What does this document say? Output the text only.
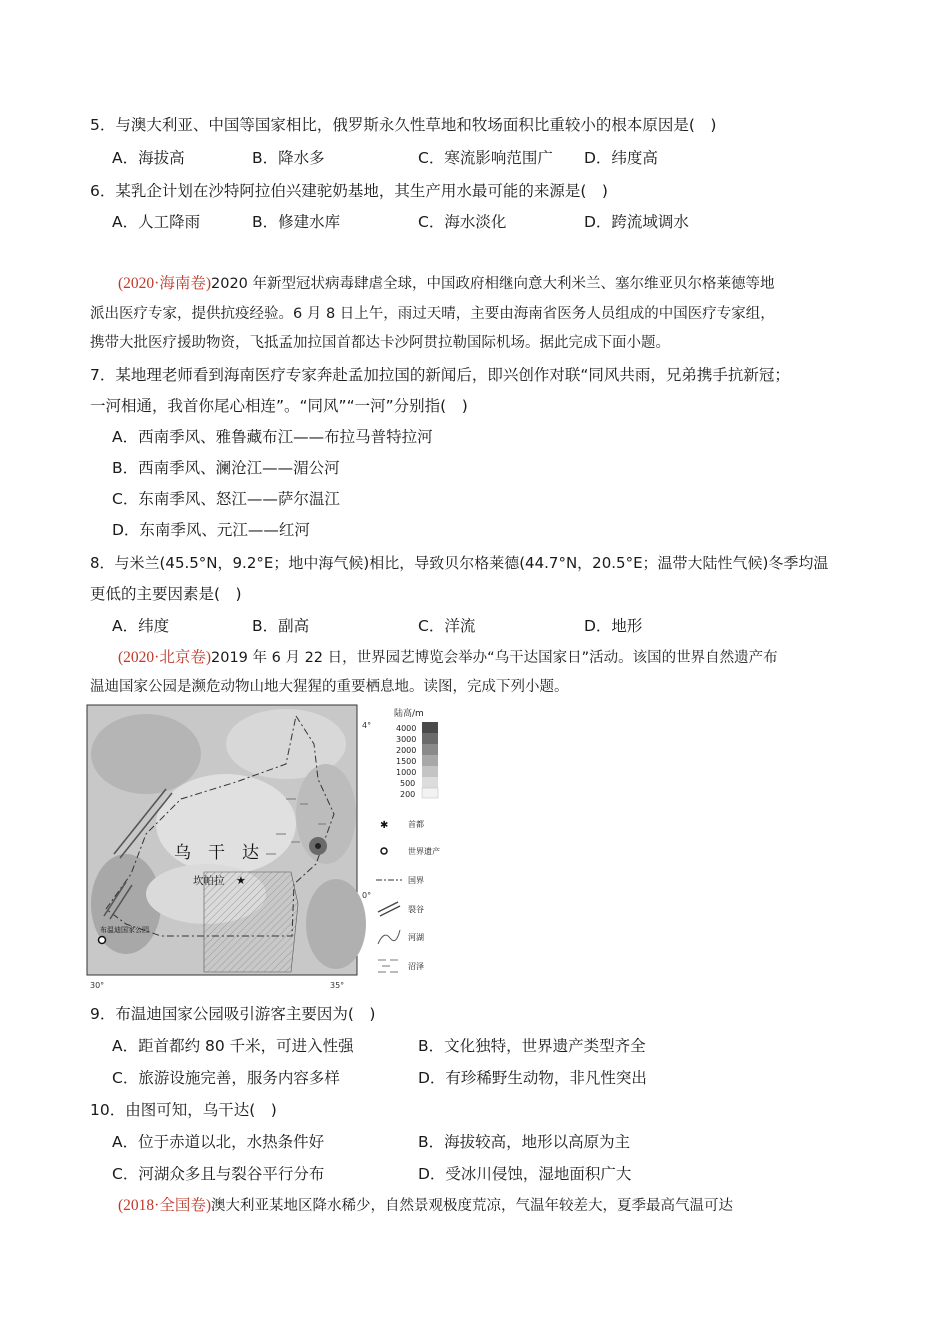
5．与澳大利亚、中国等国家相比，俄罗斯永久性草地和牧场面积比重较小的根本原因是(　)
A．海拔高	B．降水多	C．寒流影响范围广 D．纬度高
6．某乳企计划在沙特阿拉伯兴建驼奶基地，其生产用水最可能的来源是(　)
A．人工降雨	B．修建水库	C．海水淡化	D．跨流域调水
(2020·海南卷)2020 年新型冠状病毒肆虐全球，中国政府相继向意大利米兰、塞尔维亚贝尔格莱德等地
派出医疗专家，提供抗疫经验。6 月 8 日上午，雨过天晴，主要由海南省医务人员组成的中国医疗专家组，
携带大批医疗援助物资，飞抵孟加拉国首都达卡沙阿贯拉勒国际机场。据此完成下面小题。
7．某地理老师看到海南医疗专家奔赴孟加拉国的新闻后，即兴创作对联“同风共雨，兄弟携手抗新冠；
一河相通，我首你尾心相连”。“同风”“一河”分别指(　)
A．西南季风、雅鲁藏布江——布拉马普特拉河
B．西南季风、澜沧江——湄公河
C．东南季风、怒江——萨尔温江
D．东南季风、元江——红河
8．与米兰(45.5°N，9.2°E；地中海气候)相比，导致贝尔格莱德(44.7°N，20.5°E；温带大陆性气候)冬季均温
更低的主要因素是(　)
A．纬度	B．副高	C．洋流	D．地形
(2020·北京卷)2019 年 6 月 22 日，世界园艺博览会举办“乌干达国家日”活动。该国的世界自然遗产布
温迪国家公园是濒危动物山地大猩猩的重要栖息地。读图，完成下列小题。
乌　干　达
坎帕拉 ★
布温迪国家公园
4°
0°
30°	35°
陆高/m
4000
3000
2000
1500
1000
500
200
✱ 首都
世界遗产
国界
裂谷
河湖
沼泽
9．布温迪国家公园吸引游客主要因为(　)
A．距首都约 80 千米，可进入性强	B．文化独特，世界遗产类型齐全
C．旅游设施完善，服务内容多样	D．有珍稀野生动物，非凡性突出
10．由图可知，乌干达(　)
A．位于赤道以北，水热条件好	B．海拔较高，地形以高原为主
C．河湖众多且与裂谷平行分布	D．受冰川侵蚀，湿地面积广大
(2018·全国卷)澳大利亚某地区降水稀少，自然景观极度荒凉，气温年较差大，夏季最高气温可达
